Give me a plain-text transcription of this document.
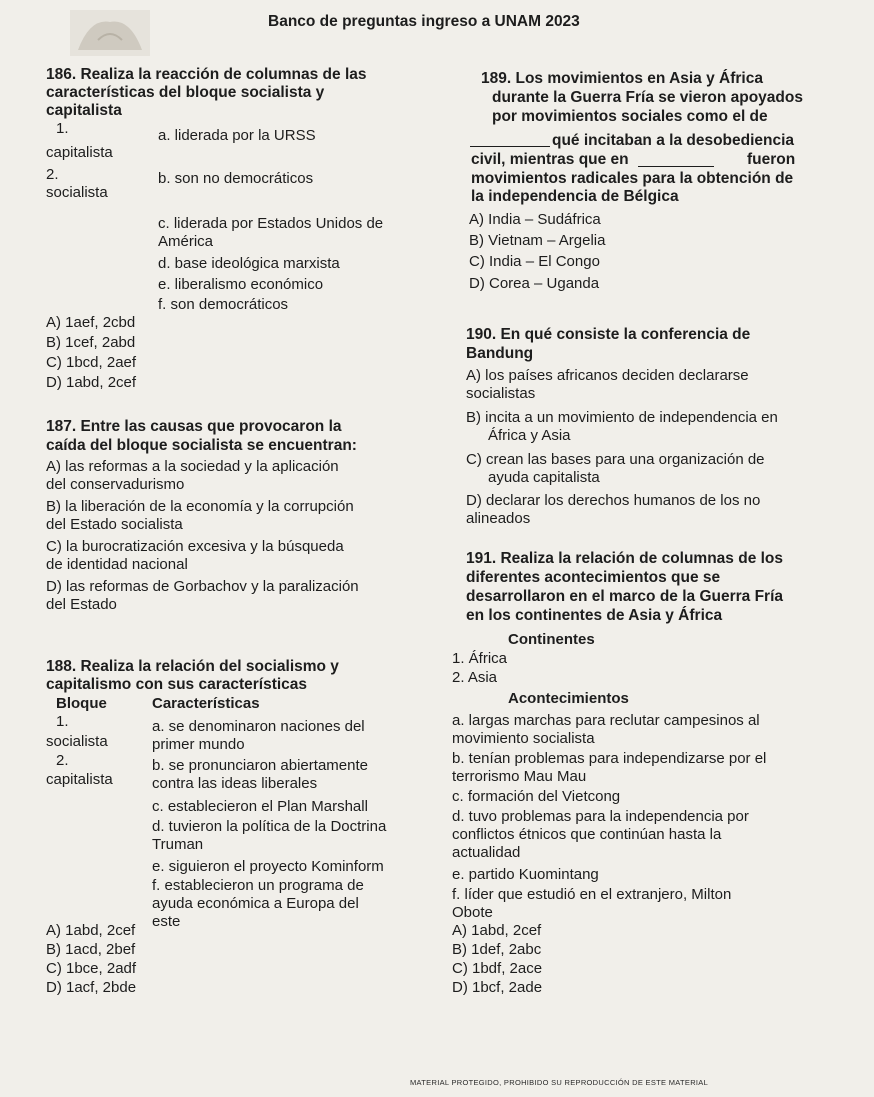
Banco de preguntas ingreso a UNAM 2023
186. Realiza la reacción de columnas de las
características del bloque socialista y
capitalista
1.
capitalista
2.
socialista
a. liderada por la URSS
b. son no democráticos
c. liderada por Estados Unidos de
América
d. base ideológica marxista
e. liberalismo económico
f. son democráticos
A) 1aef, 2cbd
B) 1cef, 2abd
C) 1bcd, 2aef
D) 1abd, 2cef
187. Entre las causas que provocaron la
caída del bloque socialista se encuentran:
A) las reformas a la sociedad y la aplicación
del conservadurismo
B) la liberación de la economía y la corrupción
del Estado socialista
C) la burocratización excesiva y la búsqueda
de identidad nacional
D) las reformas de Gorbachov y la paralización
del Estado
188. Realiza la relación del socialismo y
capitalismo con sus características
Bloque	Características
1.
socialista
2.
capitalista
a. se denominaron naciones del
primer mundo
b. se pronunciaron abiertamente
contra las ideas liberales
c. establecieron el Plan Marshall
d. tuvieron la política de la Doctrina
Truman
e. siguieron el proyecto Kominform
f. establecieron un programa de
ayuda económica a Europa del
este
A) 1abd, 2cef
B) 1acd, 2bef
C) 1bce, 2adf
D) 1acf, 2bde
189. Los movimientos en Asia y África
durante la Guerra Fría se vieron apoyados
por movimientos sociales como el de
qué incitaban a la desobediencia
civil, mientras que en	fueron
movimientos radicales para la obtención de
la independencia de Bélgica
A) India – Sudáfrica
B) Vietnam – Argelia
C) India – El Congo
D) Corea – Uganda
190. En qué consiste la conferencia de
Bandung
A) los países africanos deciden declararse
socialistas
B) incita a un movimiento de independencia en
África y Asia
C) crean las bases para una organización de
ayuda capitalista
D) declarar los derechos humanos de los no
alineados
191. Realiza la relación de columnas de los
diferentes acontecimientos que se
desarrollaron en el marco de la Guerra Fría
en los continentes de Asia y África
Continentes
1. África
2. Asia
Acontecimientos
a. largas marchas para reclutar campesinos al
movimiento socialista
b. tenían problemas para independizarse por el
terrorismo Mau Mau
c. formación del Vietcong
d. tuvo problemas para la independencia por
conflictos étnicos que continúan hasta la
actualidad
e. partido Kuomintang
f. líder que estudió en el extranjero, Milton
Obote
A) 1abd, 2cef
B) 1def, 2abc
C) 1bdf, 2ace
D) 1bcf, 2ade
MATERIAL PROTEGIDO, PROHIBIDO SU REPRODUCCIÓN DE ESTE MATERIAL
